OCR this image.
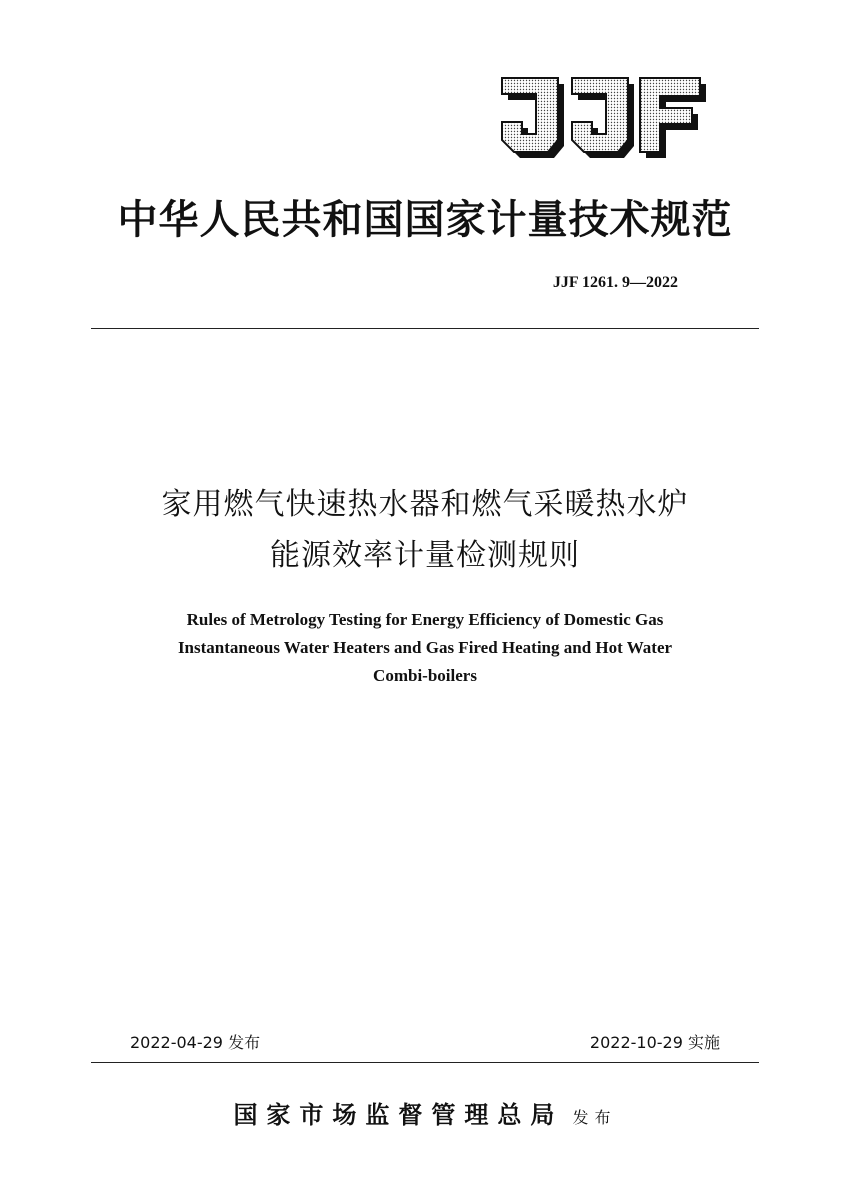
中华人民共和国国家计量技术规范
JJF 1261. 9—2022
家用燃气快速热水器和燃气采暖热水炉
能源效率计量检测规则
Rules of Metrology Testing for Energy Efficiency of Domestic Gas
Instantaneous Water Heaters and Gas Fired Heating and Hot Water
Combi-boilers
2022-04-29 发布	2022-10-29 实施
国家市场监督管理总局 发布
